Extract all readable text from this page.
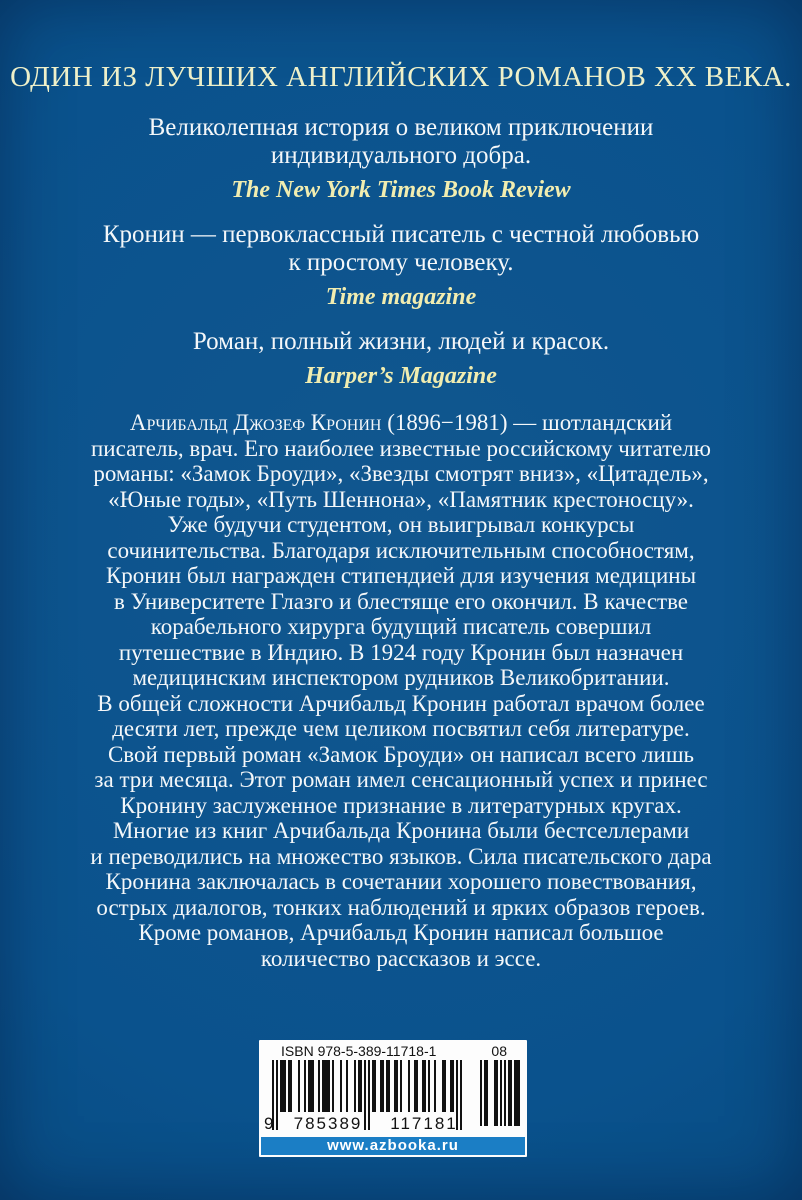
ОДИН ИЗ ЛУЧШИХ АНГЛИЙСКИХ РОМАНОВ XX ВЕКА.
Великолепная история о великом приключении
индивидуального добра.
The New York Times Book Review
Кронин — первоклассный писатель с честной любовью
к простому человеку.
Time magazine
Роман, полный жизни, людей и красок.
Harper’s Magazine
Арчибальд Джозеф Кронин (1896−1981) — шотландский
писатель, врач. Его наиболее известные российскому читателю
романы: «Замок Броуди», «Звезды смотрят вниз», «Цитадель»,
«Юные годы», «Путь Шеннона», «Памятник крестоносцу».
Уже будучи студентом, он выигрывал конкурсы
сочинительства. Благодаря исключительным способностям,
Кронин был награжден стипендией для изучения медицины
в Университете Глазго и блестяще его окончил. В качестве
корабельного хирурга будущий писатель совершил
путешествие в Индию. В 1924 году Кронин был назначен
медицинским инспектором рудников Великобритании.
В общей сложности Арчибальд Кронин работал врачом более
десяти лет, прежде чем целиком посвятил себя литературе.
Свой первый роман «Замок Броуди» он написал всего лишь
за три месяца. Этот роман имел сенсационный успех и принес
Кронину заслуженное признание в литературных кругах.
Многие из книг Арчибальда Кронина были бестселлерами
и переводились на множество языков. Сила писательского дара
Кронина заключалась в сочетании хорошего повествования,
острых диалогов, тонких наблюдений и ярких образов героев.
Кроме романов, Арчибальд Кронин написал большое
количество рассказов и эссе.
ISBN 978-5-389-11718-1	08
9	785389	117181
www.azbooka.ru
